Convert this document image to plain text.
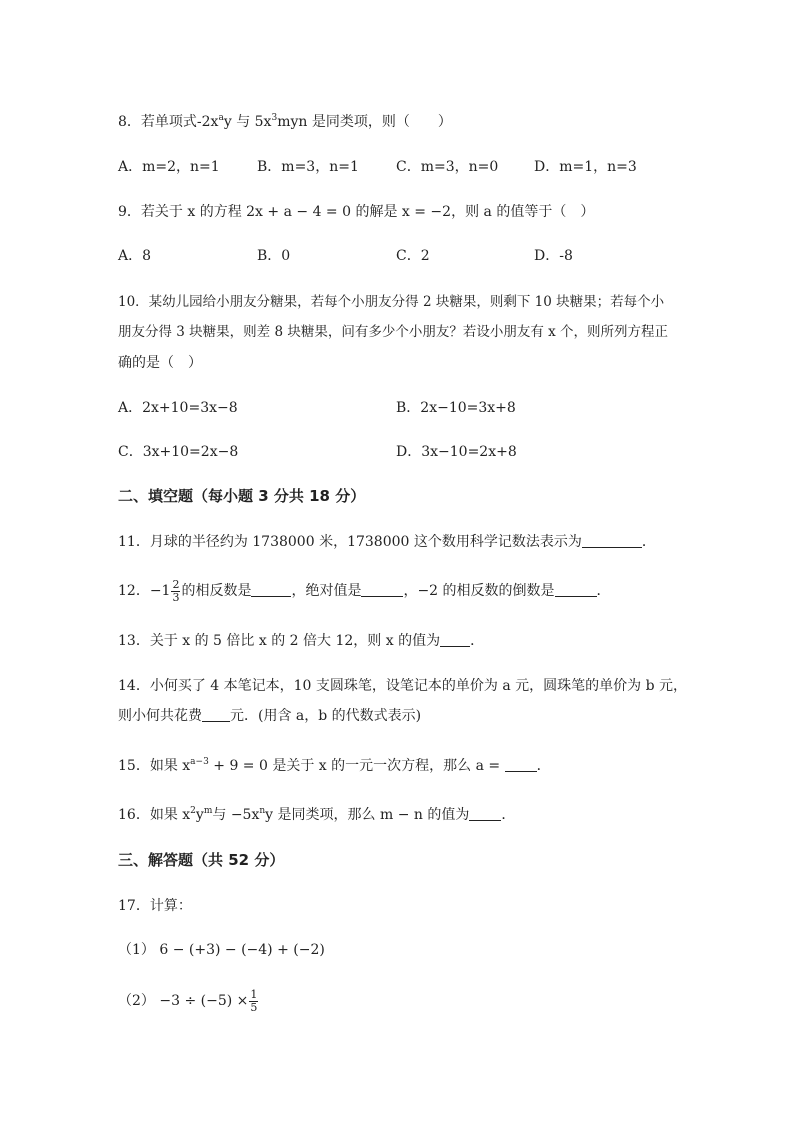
8．若单项式$-2x^ay$ 与 $5x^3myn$ 是同类项，则（　　）
A．m=2，n=1	B．m=3，n=1	C．m=3，n=0	D．m=1，n=3
9．若关于 x 的方程 2x + a − 4 = 0 的解是 x = −2，则 a 的值等于（　）
A．8	B．0	C．2	D．-8
10．某幼儿园给小朋友分糖果，若每个小朋友分得 2 块糖果，则剩下 10 块糖果；若每个小
朋友分得 3 块糖果，则差 8 块糖果，问有多少个小朋友？若设小朋友有 x 个，则所列方程正
确的是（　）
A．2x+10=3x−8	B．2x−10=3x+8
C．3x+10=2x−8	D．3x−10=2x+8
二、填空题（每小题 3 分共 18 分）
11．月球的半径约为 1738000 米，1738000 这个数用科学记数法表示为	．
12．$-1 \frac{2}{3}$ 的相反数是	，绝对值是	，−2 的相反数的倒数是	．
13．关于 x 的 5 倍比 x 的 2 倍大 12，则 x 的值为 ．
14．小何买了 4 本笔记本，10 支圆珠笔，设笔记本的单价为 a 元，圆珠笔的单价为 b 元，
则小何共花费 元．(用含 a，b 的代数式表示)
15．如果 $x^{a-3} + 9 = 0$ 是关于 x 的一元一次方程，那么 a =	．
16．如果 $x^2y^m$与 $-5x^ny$ 是同类项，那么 m − n 的值为 ．
三、解答题（共 52 分）
17．计算：
（1） 6 − (+3) − (−4) + (−2)
$(2) -3 \div (-5) \times \frac{1}{5}$
